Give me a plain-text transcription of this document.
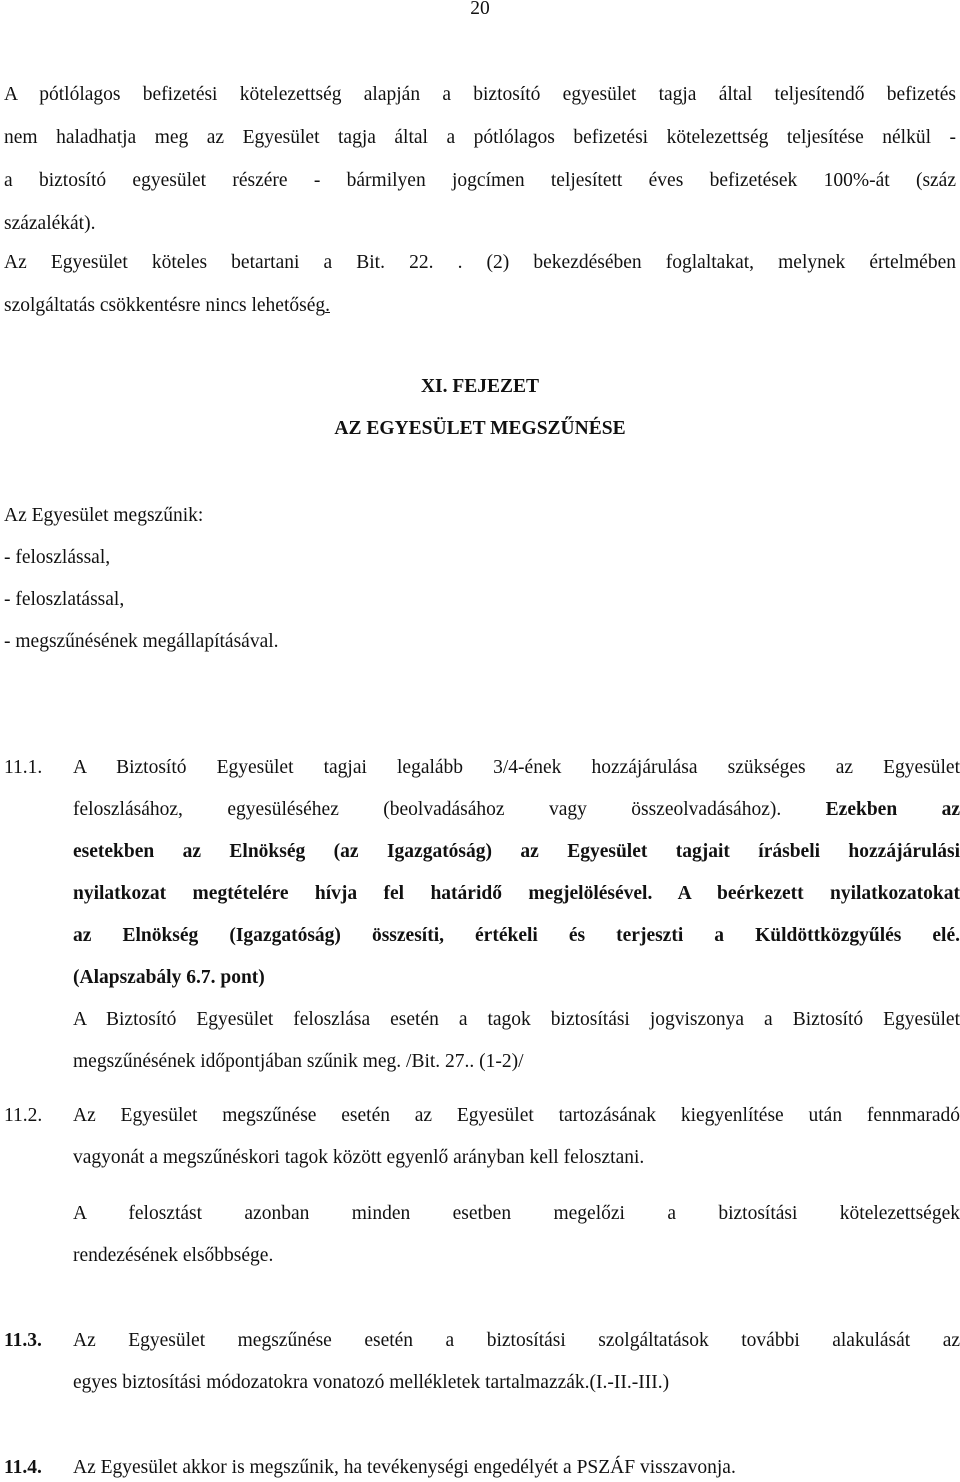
20
A pótlólagos befizetési kötelezettség alapján a biztosító egyesület tagja által teljesítendő befizetés
nem haladhatja meg az Egyesület tagja által a pótlólagos befizetési kötelezettség teljesítése nélkül -
a biztosító egyesület részére - bármilyen jogcímen teljesített éves befizetések 100%-át (száz
százalékát).
Az Egyesület köteles betartani a Bit. 22. . (2) bekezdésében foglaltakat, melynek értelmében
szolgáltatás csökkentésre nincs lehetőség.
XI. FEJEZET
AZ EGYESÜLET MEGSZŰNÉSE
Az Egyesület megszűnik:
- feloszlással,
- feloszlatással,
- megszűnésének megállapításával.
11.1.	A Biztosító Egyesület tagjai legalább 3/4-ének hozzájárulása szükséges az Egyesület
feloszlásához, egyesüléséhez (beolvadásához vagy összeolvadásához). Ezekben az
esetekben az Elnökség (az Igazgatóság) az Egyesület tagjait írásbeli hozzájárulási
nyilatkozat megtételére hívja fel határidő megjelölésével. A beérkezett nyilatkozatokat
az Elnökség (Igazgatóság) összesíti, értékeli és terjeszti a Küldöttközgyűlés elé.
(Alapszabály 6.7. pont)
A Biztosító Egyesület feloszlása esetén a tagok biztosítási jogviszonya a Biztosító Egyesület
megszűnésének időpontjában szűnik meg. /Bit. 27.. (1-2)/
11.2.	Az Egyesület megszűnése esetén az Egyesület tartozásának kiegyenlítése után fennmaradó
vagyonát a megszűnéskori tagok között egyenlő arányban kell felosztani.
A felosztást azonban minden esetben megelőzi a biztosítási kötelezettségek
rendezésének elsőbbsége.
11.3.	Az Egyesület megszűnése esetén a biztosítási szolgáltatások további alakulását az
egyes biztosítási módozatokra vonatozó mellékletek tartalmazzák.(I.-II.-III.)
11.4.	Az Egyesület akkor is megszűnik, ha tevékenységi engedélyét a PSZÁF visszavonja.
